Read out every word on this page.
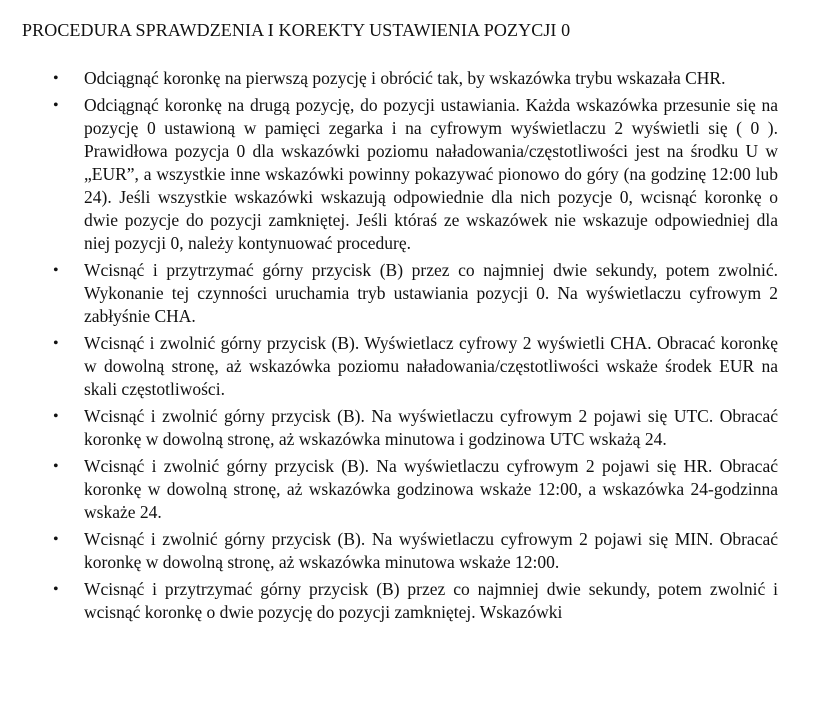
PROCEDURA SPRAWDZENIA I KOREKTY USTAWIENIA POZYCJI 0
• Odciągnąć koronkę na pierwszą pozycję i obrócić tak, by wskazówka trybu wskazała CHR.
• Odciągnąć koronkę na drugą pozycję, do pozycji ustawiania. Każda wskazówka przesunie się na pozycję 0 ustawioną w pamięci zegarka i na cyfrowym wyświetlaczu 2 wyświetli się ( 0 ). Prawidłowa pozycja 0 dla wskazówki poziomu naładowania/częstotliwości jest na środku U w „EUR”, a wszystkie inne wskazówki powinny pokazywać pionowo do góry (na godzinę 12:00 lub 24). Jeśli wszystkie wskazówki wskazują odpowiednie dla nich pozycje 0, wcisnąć koronkę o dwie pozycje do pozycji zamkniętej. Jeśli któraś ze wskazówek nie wskazuje odpowiedniej dla niej pozycji 0, należy kontynuować procedurę.
• Wcisnąć i przytrzymać górny przycisk (B) przez co najmniej dwie sekundy, potem zwolnić. Wykonanie tej czynności uruchamia tryb ustawiania pozycji 0. Na wyświetlaczu cyfrowym 2 zabłyśnie CHA.
• Wcisnąć i zwolnić górny przycisk (B). Wyświetlacz cyfrowy 2 wyświetli CHA. Obracać koronkę w dowolną stronę, aż wskazówka poziomu naładowania/częstotliwości wskaże środek EUR na skali częstotliwości.
• Wcisnąć i zwolnić górny przycisk (B). Na wyświetlaczu cyfrowym 2 pojawi się UTC. Obracać koronkę w dowolną stronę, aż wskazówka minutowa i godzinowa UTC wskażą 24.
• Wcisnąć i zwolnić górny przycisk (B). Na wyświetlaczu cyfrowym 2 pojawi się HR. Obracać koronkę w dowolną stronę, aż wskazówka godzinowa wskaże 12:00, a wskazówka 24-godzinna wskaże 24.
• Wcisnąć i zwolnić górny przycisk (B). Na wyświetlaczu cyfrowym 2 pojawi się MIN. Obracać koronkę w dowolną stronę, aż wskazówka minutowa wskaże 12:00.
• Wcisnąć i przytrzymać górny przycisk (B) przez co najmniej dwie sekundy, potem zwolnić i wcisnąć koronkę o dwie pozycję do pozycji zamkniętej. Wskazówki
